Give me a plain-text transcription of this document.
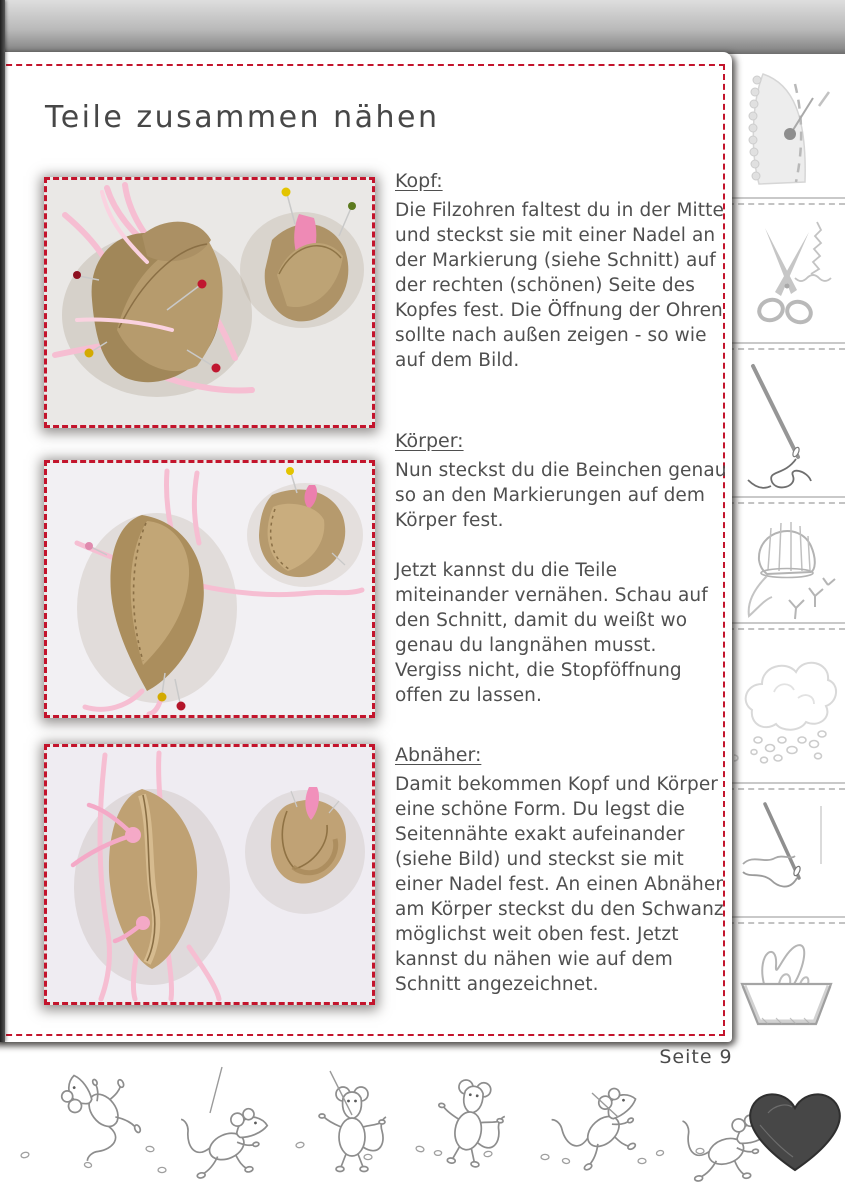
Teile zusammen nähen
Kopf:

Die Filzohren faltest du in der Mitte und steckst sie mit einer Nadel an der Markierung (siehe Schnitt) auf der rechten (schönen) Seite des Kopfes fest. Die Öffnung der Ohren sollte nach außen zeigen - so wie auf dem Bild.

Körper:

Nun steckst du die Beinchen genau so an den Markierungen auf dem Körper fest.

Jetzt kannst du die Teile miteinander vernähen. Schau auf den Schnitt, damit du weißt wo genau du langnähen musst. Vergiss nicht, die Stopföffnung offen zu lassen.

Abnäher:

Damit bekommen Kopf und Körper eine schöne Form. Du legst die Seitennähte exakt aufeinander (siehe Bild) und steckst sie mit einer Nadel fest. An einen Abnäher am Körper steckst du den Schwanz möglichst weit oben fest. Jetzt kannst du nähen wie auf dem Schnitt angezeichnet.

Seite 9
